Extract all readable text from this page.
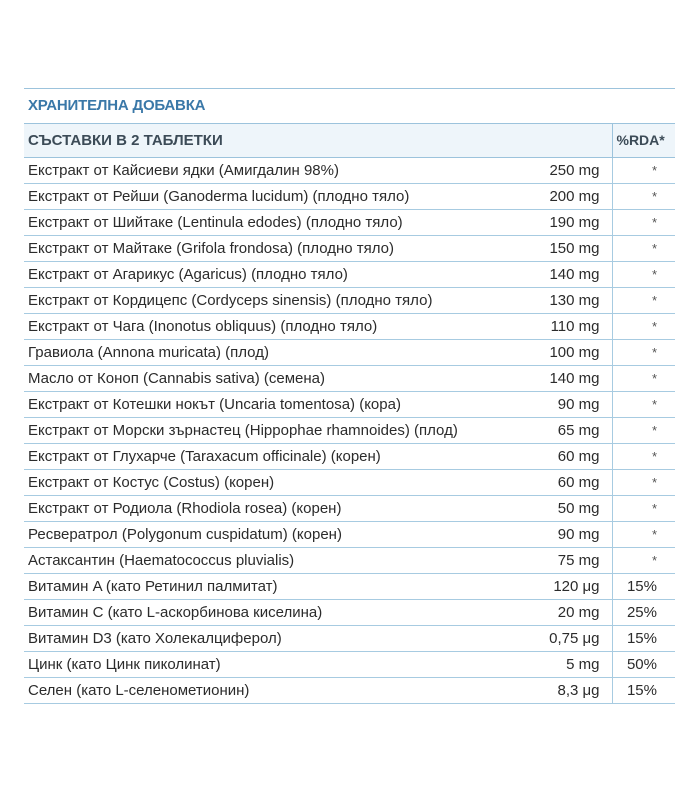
ХРАНИТЕЛНА ДОБАВКА
СЪСТАВКИ В 2 ТАБЛЕТКИ		%RDA*
Екстракт от Кайсиеви ядки (Амигдалин 98%)	250 mg	*
Екстракт от Рейши (Ganoderma lucidum) (плодно тяло)	200 mg	*
Екстракт от Шийтаке (Lentinula edodes) (плодно тяло)	190 mg	*
Екстракт от Майтаке (Grifola frondosa) (плодно тяло)	150 mg	*
Екстракт от Агарикус (Agaricus) (плодно тяло)	140 mg	*
Екстракт от Кордицепс (Cordyceps sinensis) (плодно тяло)	130 mg	*
Екстракт от Чага (Inonotus obliquus) (плодно тяло)	110 mg	*
Гравиола (Annona muricata) (плод)	100 mg	*
Масло от Коноп (Cannabis sativa) (семена)	140 mg	*
Екстракт от Котешки нокът (Uncaria tomentosa) (кора)	90 mg	*
Екстракт от Морски зърнастец (Hippophae rhamnoides) (плод)	65 mg	*
Екстракт от Глухарче (Taraxacum officinale) (корен)	60 mg	*
Екстракт от Костус (Costus) (корен)	60 mg	*
Екстракт от Родиола (Rhodiola rosea) (корен)	50 mg	*
Ресвератрол (Polygonum cuspidatum) (корен)	90 mg	*
Астаксантин (Haematococcus pluvialis)	75 mg	*
Витамин A (като Ретинил палмитат)	120 μg	15%
Витамин C (като L-аскорбинова киселина)	20 mg	25%
Витамин D3 (като Холекалциферол)	0,75 μg	15%
Цинк (като Цинк пиколинат)	5 mg	50%
Селен (като L-селенометионин)	8,3 μg	15%
